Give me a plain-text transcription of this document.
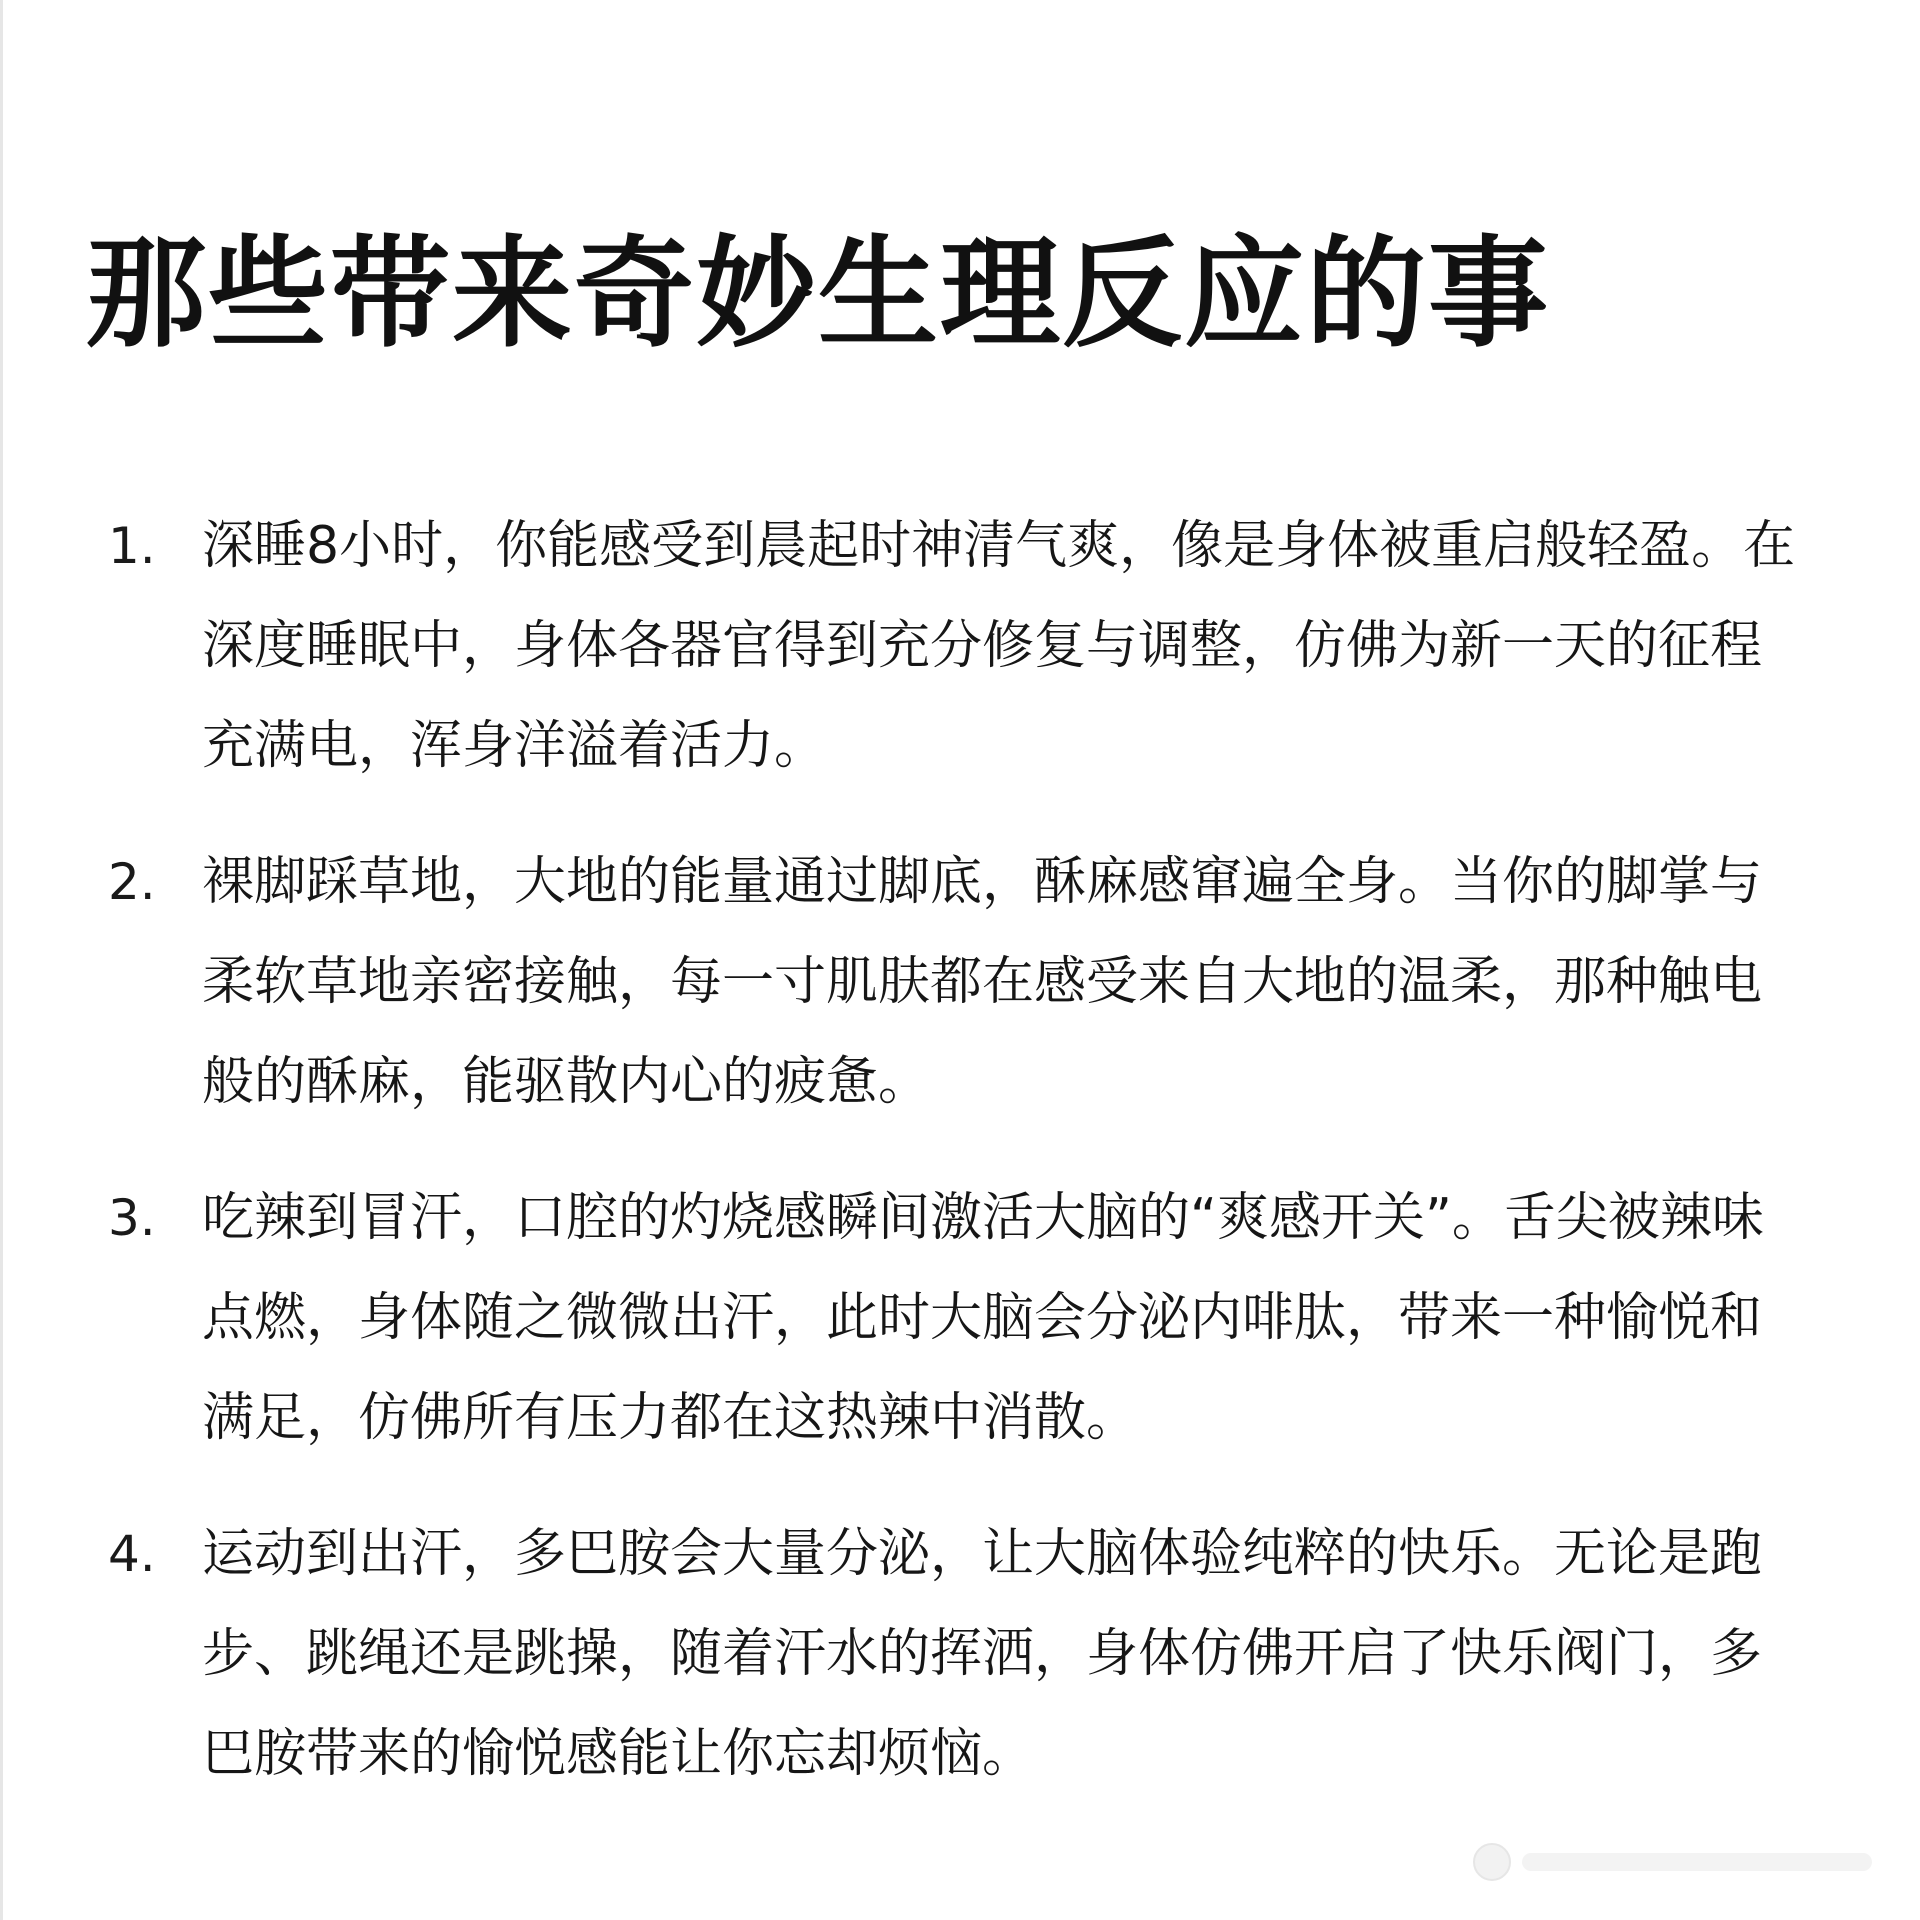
那些带来奇妙生理反应的事
1. 深睡8小时，你能感受到晨起时神清气爽，像是身体被重启般轻盈。在深度睡眠中，身体各器官得到充分修复与调整，仿佛为新一天的征程充满电，浑身洋溢着活力。
2. 裸脚踩草地，大地的能量通过脚底，酥麻感窜遍全身。当你的脚掌与柔软草地亲密接触，每一寸肌肤都在感受来自大地的温柔，那种触电般的酥麻，能驱散内心的疲惫。
3. 吃辣到冒汗，口腔的灼烧感瞬间激活大脑的“爽感开关”。舌尖被辣味点燃，身体随之微微出汗，此时大脑会分泌内啡肽，带来一种愉悦和满足，仿佛所有压力都在这热辣中消散。
4. 运动到出汗，多巴胺会大量分泌，让大脑体验纯粹的快乐。无论是跑步、跳绳还是跳操，随着汗水的挥洒，身体仿佛开启了快乐阀门，多巴胺带来的愉悦感能让你忘却烦恼。
